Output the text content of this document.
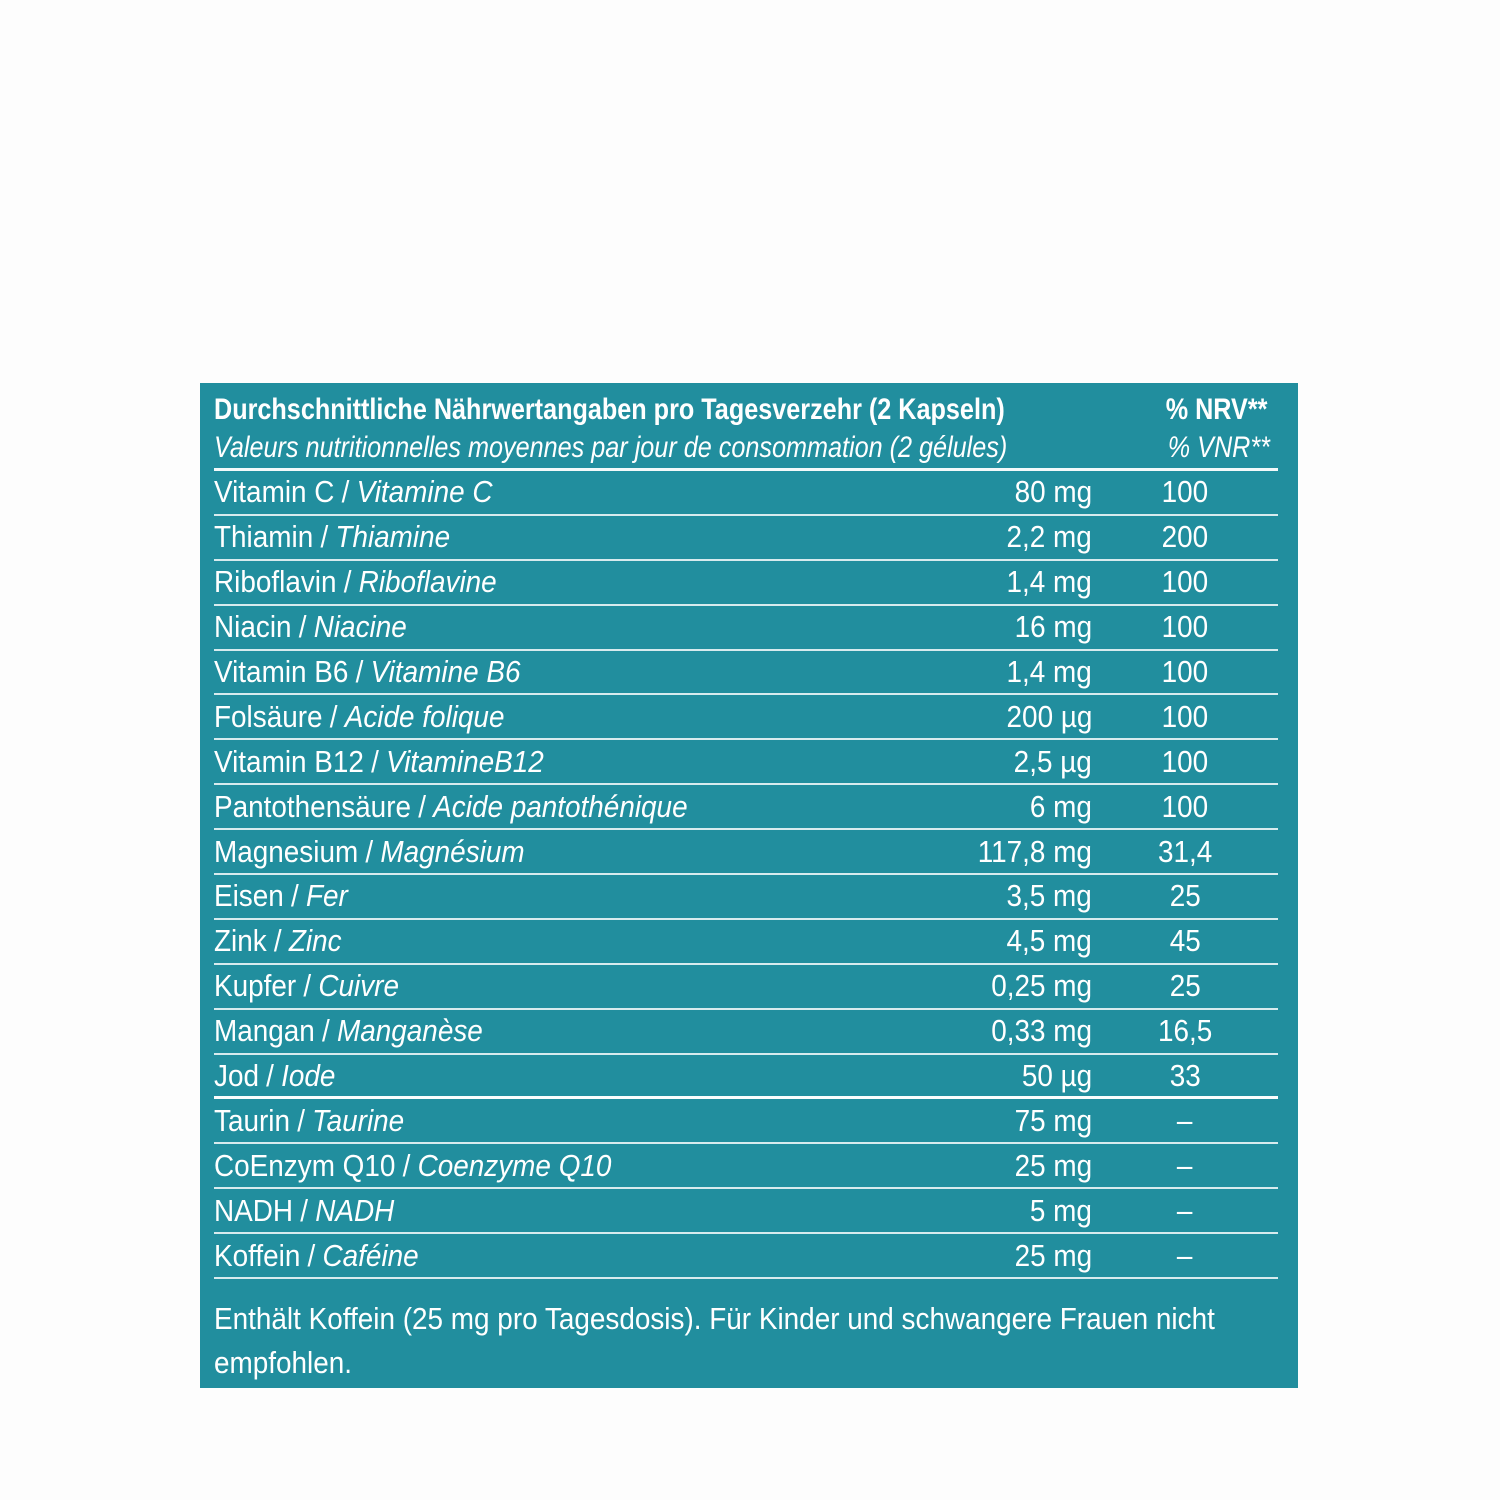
Durchschnittliche Nährwertangaben pro Tagesverzehr (2 Kapseln)	% NRV**
Valeurs nutritionnelles moyennes par jour de consommation (2 gélules)	% VNR**
Vitamin C / Vitamine C	80 mg	100
Thiamin / Thiamine	2,2 mg	200
Riboflavin / Riboflavine	1,4 mg	100
Niacin / Niacine	16 mg	100
Vitamin B6 / Vitamine B6	1,4 mg	100
Folsäure / Acide folique	200 µg	100
Vitamin B12 / VitamineB12	2,5 µg	100
Pantothensäure / Acide pantothénique	6 mg	100
Magnesium / Magnésium	117,8 mg	31,4
Eisen / Fer	3,5 mg	25
Zink / Zinc	4,5 mg	45
Kupfer / Cuivre	0,25 mg	25
Mangan / Manganèse	0,33 mg	16,5
Jod / Iode	50 µg	33
Taurin / Taurine	75 mg	–
CoEnzym Q10 / Coenzyme Q10	25 mg	–
NADH / NADH	5 mg	–
Koffein / Caféine	25 mg	–
Enthält Koffein (25 mg pro Tagesdosis). Für Kinder und schwangere Frauen nicht empfohlen.
